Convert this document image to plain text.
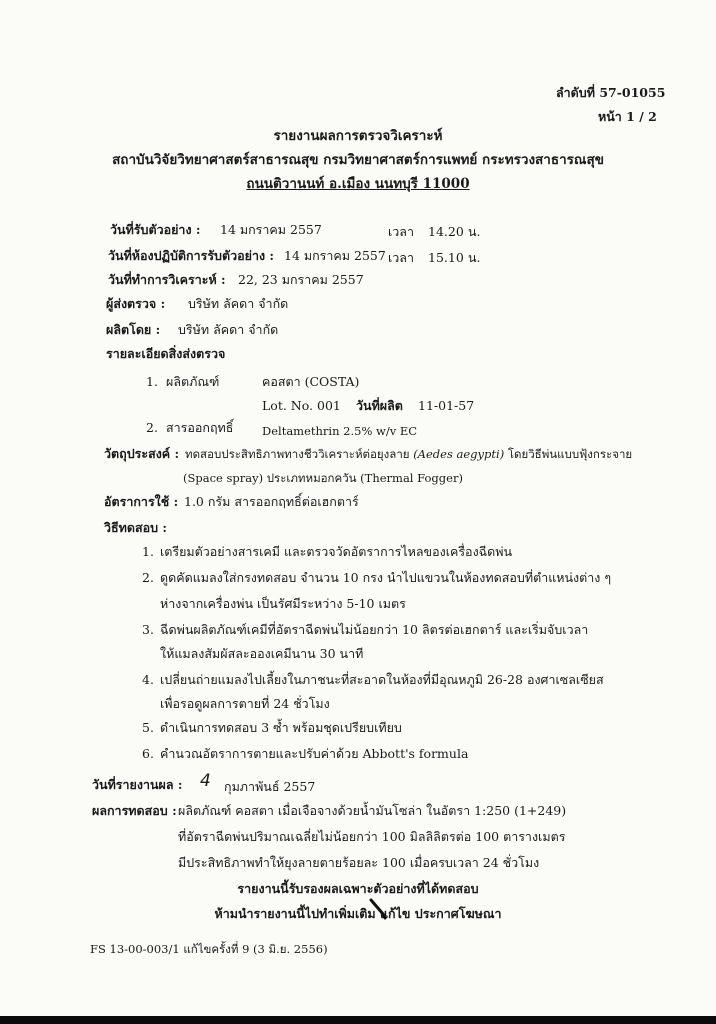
ลำดับที่ 57-01055
หน้า 1 / 2
รายงานผลการตรวจวิเคราะห์
สถาบันวิจัยวิทยาศาสตร์สาธารณสุข กรมวิทยาศาสตร์การแพทย์ กระทรวงสาธารณสุข
ถนนติวานนท์ อ.เมือง นนทบุรี 11000
วันที่รับตัวอย่าง : 14 มกราคม 2557	เวลา 14.20 น.
วันที่ห้องปฏิบัติการรับตัวอย่าง : 14 มกราคม 2557 เวลา 15.10 น.
วันที่ทำการวิเคราะห์ : 22, 23 มกราคม 2557
ผู้ส่งตรวจ : บริษัท ลัคดา จำกัด
ผลิตโดย : บริษัท ลัคดา จำกัด
รายละเอียดสิ่งส่งตรวจ
1. ผลิตภัณฑ์	คอสตา (COSTA)
Lot. No. 001 วันที่ผลิต 11-01-57
2. สารออกฤทธิ์ Deltamethrin 2.5% w/v EC
วัตถุประสงค์ : ทดสอบประสิทธิภาพทางชีววิเคราะห์ต่อยุงลาย (Aedes aegypti) โดยวิธีพ่นแบบฟุ้งกระจาย
(Space spray) ประเภทหมอกควัน (Thermal Fogger)
อัตราการใช้ : 1.0 กรัม สารออกฤทธิ์ต่อเฮกตาร์
วิธีทดสอบ :
1. เตรียมตัวอย่างสารเคมี และตรวจวัดอัตราการไหลของเครื่องฉีดพ่น
2. ดูดคัดแมลงใส่กรงทดสอบ จำนวน 10 กรง นำไปแขวนในห้องทดสอบที่ตำแหน่งต่าง ๆ
ห่างจากเครื่องพ่น เป็นรัศมีระหว่าง 5-10 เมตร
3. ฉีดพ่นผลิตภัณฑ์เคมีที่อัตราฉีดพ่นไม่น้อยกว่า 10 ลิตรต่อเฮกตาร์ และเริ่มจับเวลา
ให้แมลงสัมผัสละอองเคมีนาน 30 นาที
4. เปลี่ยนถ่ายแมลงไปเลี้ยงในภาชนะที่สะอาดในห้องที่มีอุณหภูมิ 26-28 องศาเซลเซียส
เพื่อรอดูผลการตายที่ 24 ชั่วโมง
5. ดำเนินการทดสอบ 3 ซ้ำ พร้อมชุดเปรียบเทียบ
6. คำนวณอัตราการตายและปรับค่าด้วย Abbott's formula
วันที่รายงานผล : 4 กุมภาพันธ์ 2557
ผลการทดสอบ : ผลิตภัณฑ์ คอสตา เมื่อเจือจางด้วยน้ำมันโซล่า ในอัตรา 1:250 (1+249)
ที่อัตราฉีดพ่นปริมาณเฉลี่ยไม่น้อยกว่า 100 มิลลิลิตรต่อ 100 ตารางเมตร
มีประสิทธิภาพทำให้ยุงลายตายร้อยละ 100 เมื่อครบเวลา 24 ชั่วโมง
รายงานนี้รับรองผลเฉพาะตัวอย่างที่ได้ทดสอบ
ห้ามนำรายงานนี้ไปทำเพิ่มเติม แก้ไข ประกาศโฆษณา
FS 13-00-003/1 แก้ไขครั้งที่ 9 (3 มิ.ย. 2556)
